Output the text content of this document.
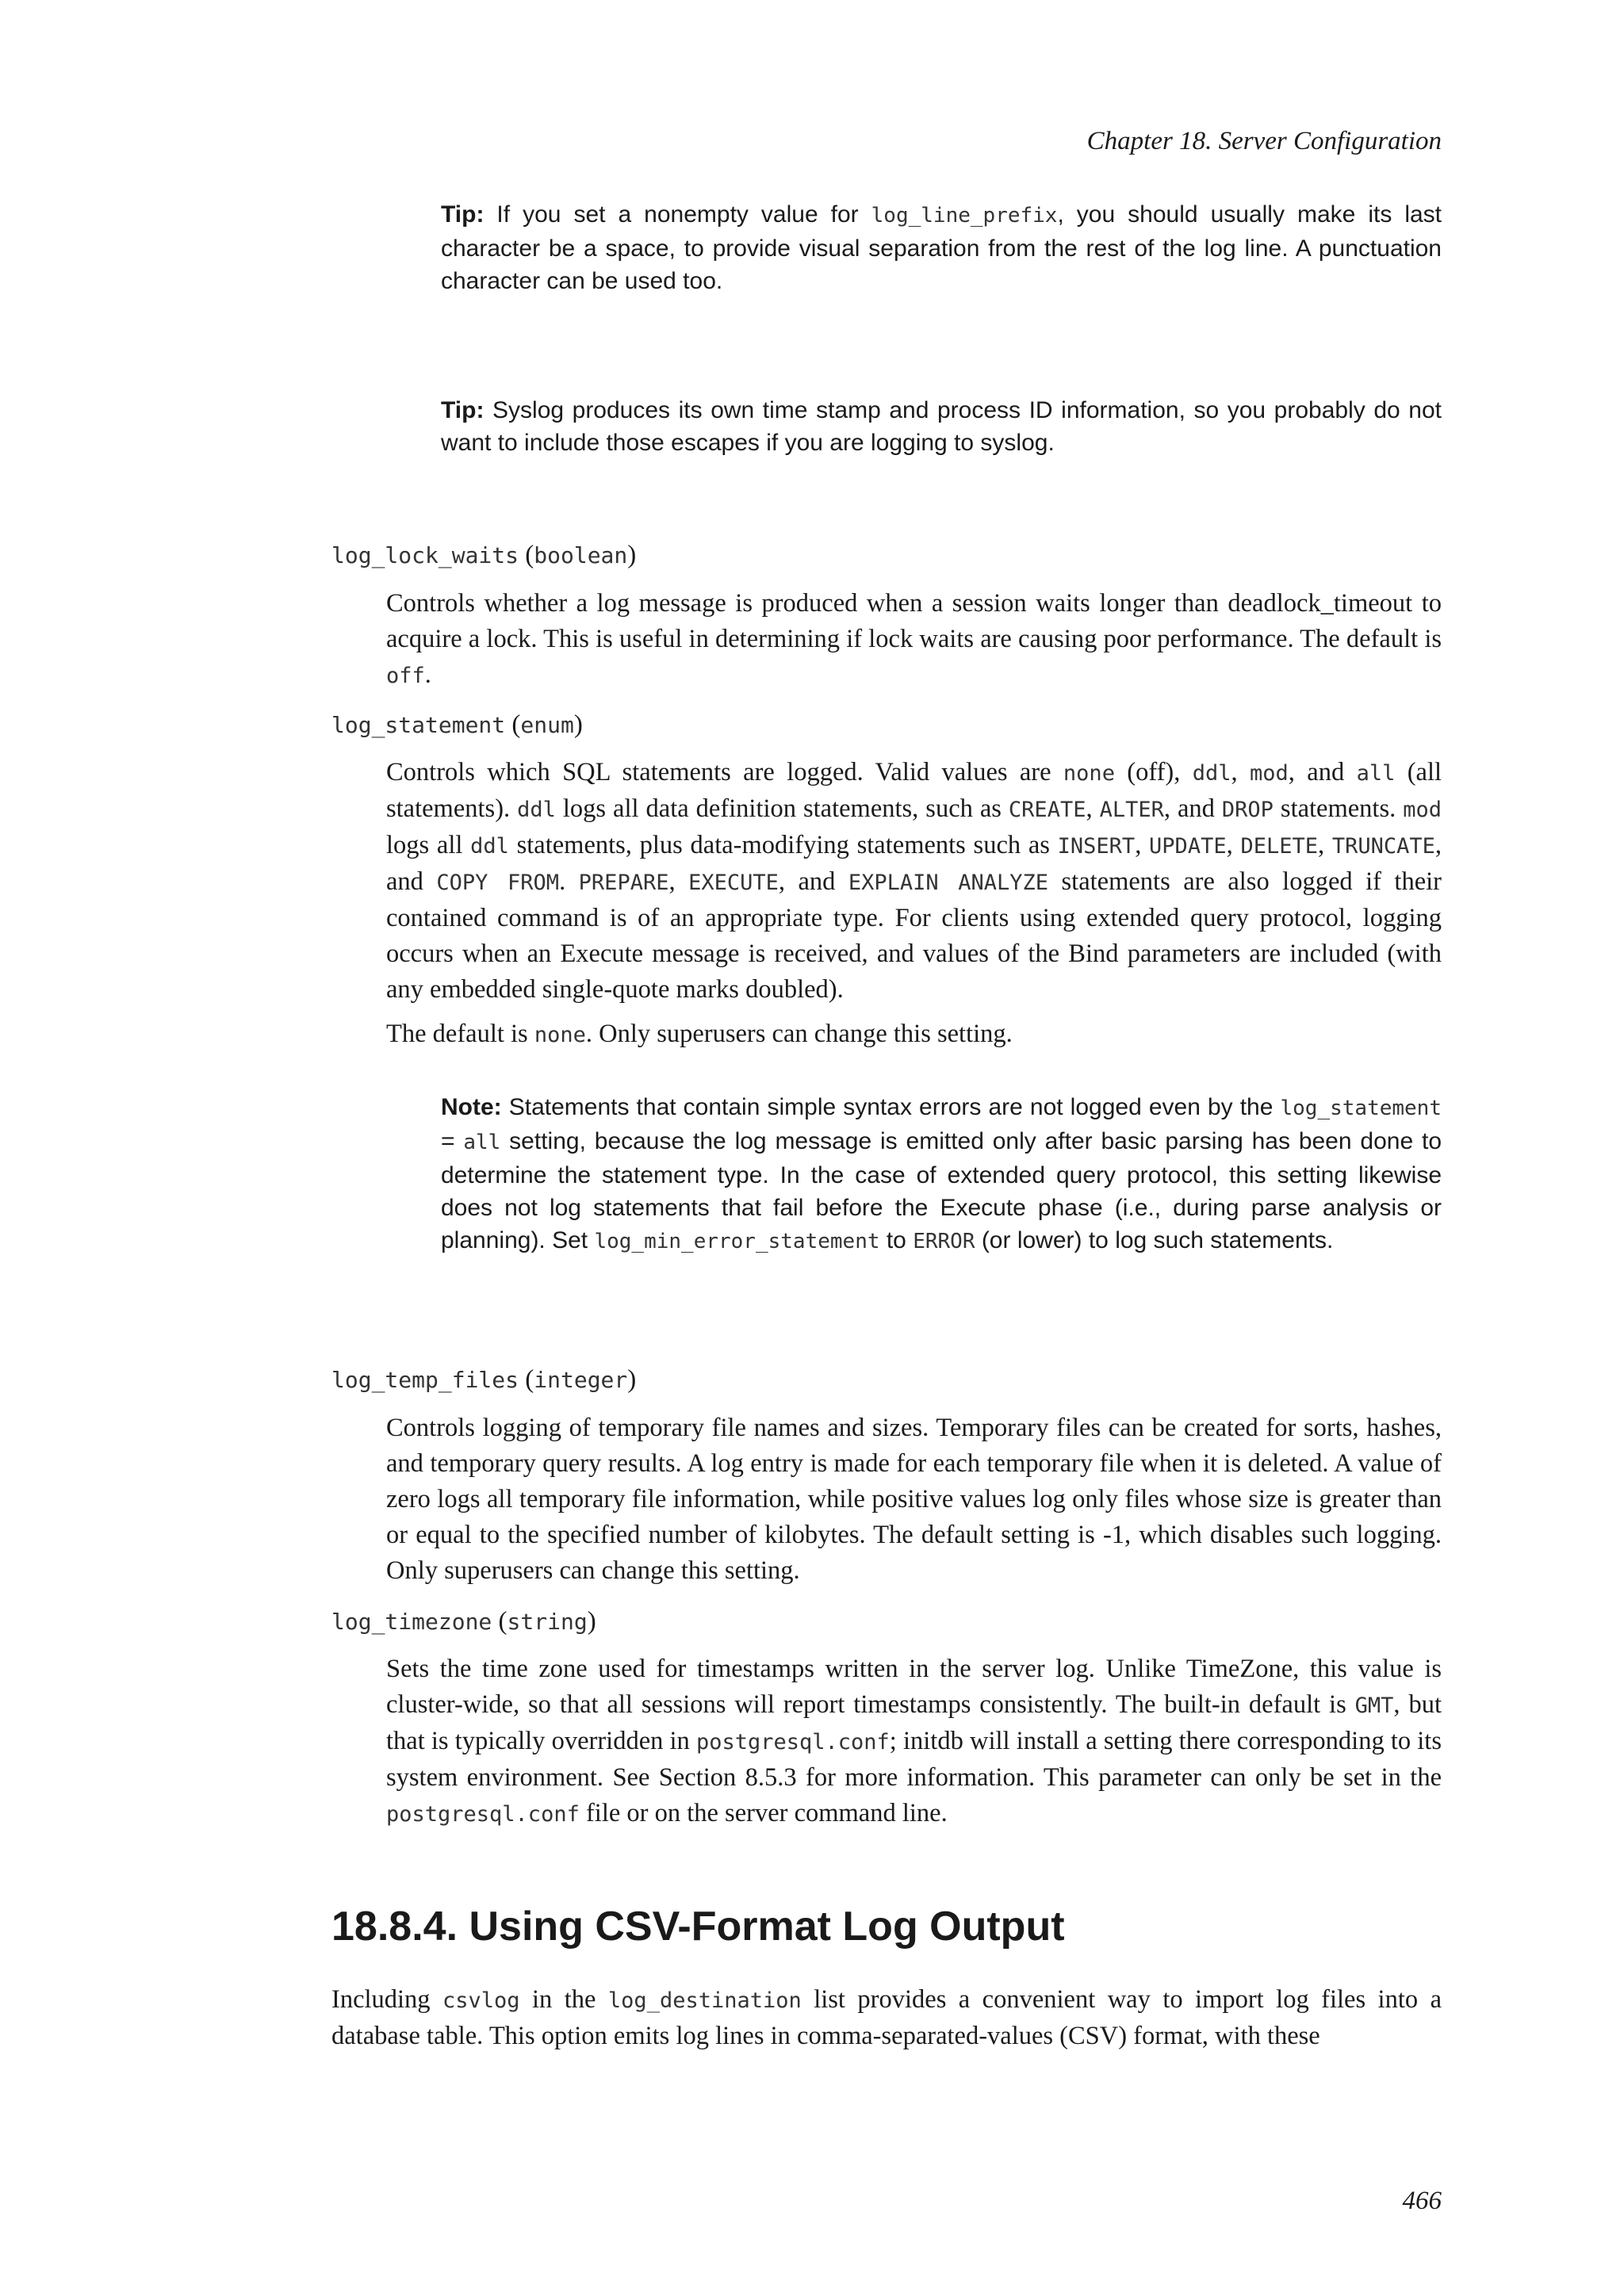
Chapter 18. Server Configuration
Tip: If you set a nonempty value for log_line_prefix, you should usually make its last character be a space, to provide visual separation from the rest of the log line. A punctuation character can be used too.
Tip: Syslog produces its own time stamp and process ID information, so you probably do not want to include those escapes if you are logging to syslog.
log_lock_waits (boolean)

Controls whether a log message is produced when a session waits longer than deadlock_timeout to acquire a lock. This is useful in determining if lock waits are causing poor performance. The default is off.

log_statement (enum)

Controls which SQL statements are logged. Valid values are none (off), ddl, mod, and all (all statements). ddl logs all data definition statements, such as CREATE, ALTER, and DROP statements. mod logs all ddl statements, plus data-modifying statements such as INSERT, UPDATE, DELETE, TRUNCATE, and COPY FROM. PREPARE, EXECUTE, and EXPLAIN ANALYZE statements are also logged if their contained command is of an appropriate type. For clients using extended query protocol, logging occurs when an Execute message is received, and values of the Bind parameters are included (with any embedded single-quote marks doubled).

The default is none. Only superusers can change this setting.

Note: Statements that contain simple syntax errors are not logged even by the log_statement = all setting, because the log message is emitted only after basic parsing has been done to determine the statement type. In the case of extended query protocol, this setting likewise does not log statements that fail before the Execute phase (i.e., during parse analysis or planning). Set log_min_error_statement to ERROR (or lower) to log such statements.
log_temp_files (integer)

Controls logging of temporary file names and sizes. Temporary files can be created for sorts, hashes, and temporary query results. A log entry is made for each temporary file when it is deleted. A value of zero logs all temporary file information, while positive values log only files whose size is greater than or equal to the specified number of kilobytes. The default setting is -1, which disables such logging. Only superusers can change this setting.

log_timezone (string)

Sets the time zone used for timestamps written in the server log. Unlike TimeZone, this value is cluster-wide, so that all sessions will report timestamps consistently. The built-in default is GMT, but that is typically overridden in postgresql.conf; initdb will install a setting there corresponding to its system environment. See Section 8.5.3 for more information. This parameter can only be set in the postgresql.conf file or on the server command line.

18.8.4. Using CSV-Format Log Output

Including csvlog in the log_destination list provides a convenient way to import log files into a database table. This option emits log lines in comma-separated-values (CSV) format, with these

466
